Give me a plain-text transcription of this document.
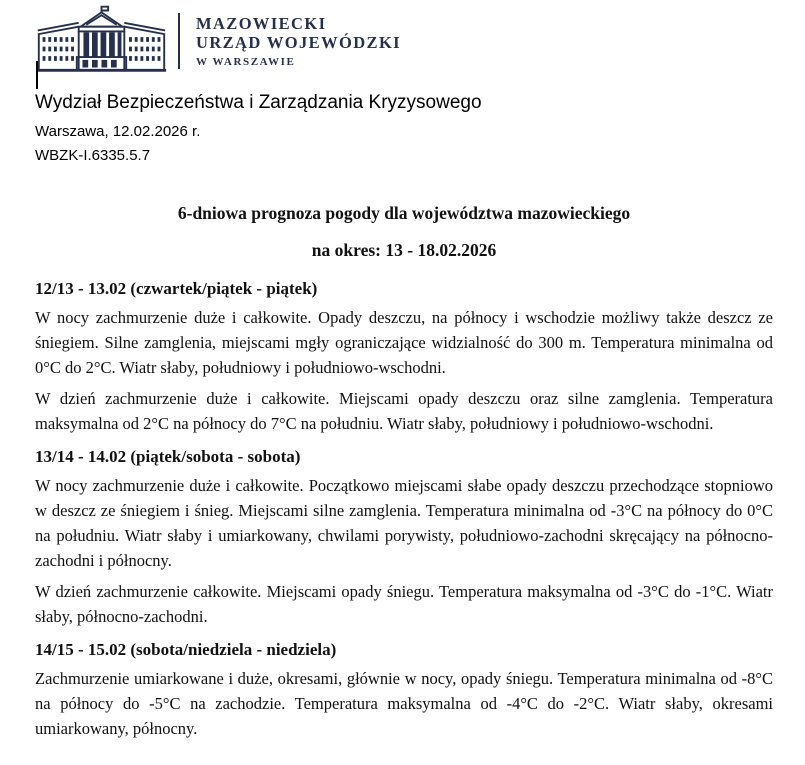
MAZOWIECKI
URZĄD WOJEWÓDZKI
W WARSZAWIE
Wydział Bezpieczeństwa i Zarządzania Kryzysowego
Warszawa, 12.02.2026 r.
WBZK-I.6335.5.7
6-dniowa prognoza pogody dla województwa mazowieckiego
na okres: 13 - 18.02.2026
12/13 - 13.02 (czwartek/piątek - piątek)

W nocy zachmurzenie duże i całkowite. Opady deszczu, na północy i wschodzie możliwy także deszcz ze śniegiem. Silne zamglenia, miejscami mgły ograniczające widzialność do 300 m. Temperatura minimalna od 0°C do 2°C. Wiatr słaby, południowy i południowo-wschodni.

W dzień zachmurzenie duże i całkowite. Miejscami opady deszczu oraz silne zamglenia. Temperatura maksymalna od 2°C na północy do 7°C na południu. Wiatr słaby, południowy i południowo-wschodni.

13/14 - 14.02 (piątek/sobota - sobota)

W nocy zachmurzenie duże i całkowite. Początkowo miejscami słabe opady deszczu przechodzące stopniowo w deszcz ze śniegiem i śnieg. Miejscami silne zamglenia. Temperatura minimalna od -3°C na północy do 0°C na południu. Wiatr słaby i umiarkowany, chwilami porywisty, południowo-zachodni skręcający na północno-zachodni i północny.

W dzień zachmurzenie całkowite. Miejscami opady śniegu. Temperatura maksymalna od -3°C do -1°C. Wiatr słaby, północno-zachodni.

14/15 - 15.02 (sobota/niedziela - niedziela)

Zachmurzenie umiarkowane i duże, okresami, głównie w nocy, opady śniegu. Temperatura minimalna od -8°C na północy do -5°C na zachodzie. Temperatura maksymalna od -4°C do -2°C. Wiatr słaby, okresami umiarkowany, północny.
